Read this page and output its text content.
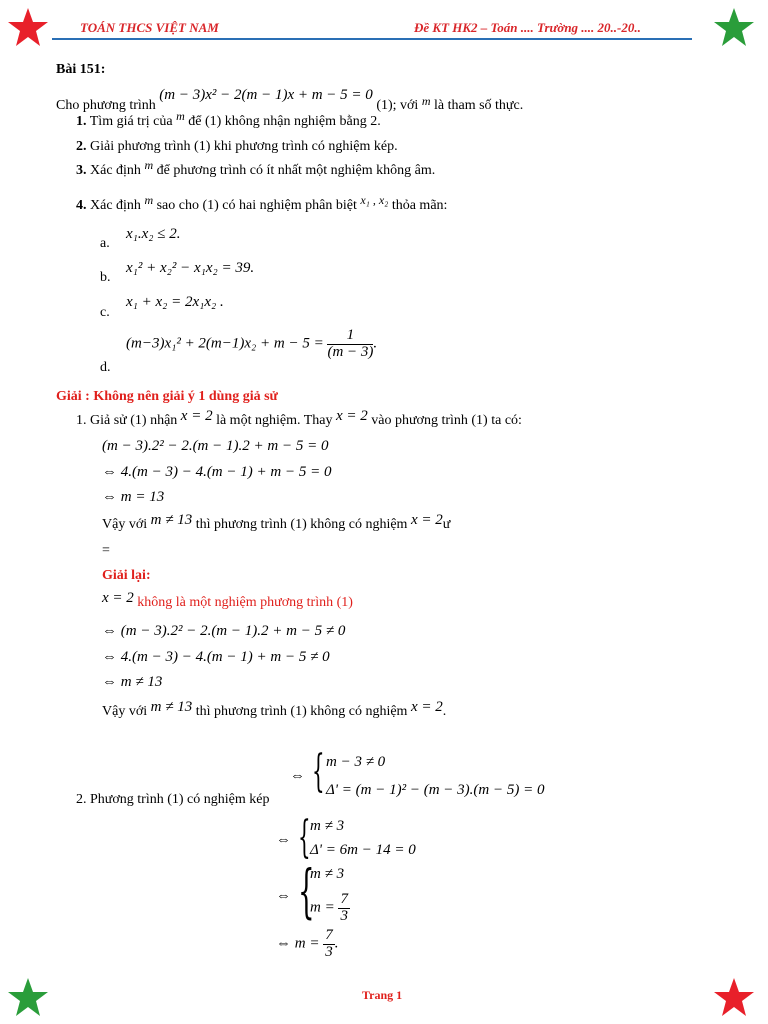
TOÁN THCS VIỆT NAM	Đề KT HK2 – Toán .... Trường .... 20..-20..
Bài 151:
Cho phương trình (m − 3)x² − 2(m − 1)x + m − 5 = 0 (1); với m là tham số thực.
1. Tìm giá trị của m để (1) không nhận nghiệm bằng 2.
2. Giải phương trình (1) khi phương trình có nghiệm kép.
3. Xác định m để phương trình có ít nhất một nghiệm không âm.
4. Xác định m sao cho (1) có hai nghiệm phân biệt x₁ , x₂ thỏa mãn:
a.
x₁.x₂ ≤ 2.
b.
x₁² + x₂² − x₁x₂ = 39.
c.
x₁ + x₂ = 2x₁x₂ .
d.
$(m-3)x_1^2 + 2(m-1)x_2 + m - 5 = \frac{1}{(m - 3)}$ .
Giải : Không nên giải ý 1 dùng giả sử
1. Giả sử (1) nhận x = 2 là một nghiệm. Thay x = 2 vào phương trình (1) ta có:
(m − 3).2² − 2.(m − 1).2 + m − 5 = 0
⇔ 4.(m − 3) − 4.(m − 1) + m − 5 = 0
⇔ m = 13
Vậy với m ≠ 13 thì phương trình (1) không có nghiệm x = 2ư
=
Giải lại:
x = 2 không là một nghiệm phương trình (1)
⇔ (m − 3).2² − 2.(m − 1).2 + m − 5 ≠ 0
⇔ 4.(m − 3) − 4.(m − 1) + m − 5 ≠ 0
⇔ m ≠ 13
Vậy với m ≠ 13 thì phương trình (1) không có nghiệm x = 2.
2. Phương trình (1) có nghiệm kép
⇔ { m − 3 ≠ 0
Δ' = (m − 1)² − (m − 3).(m − 5) = 0
⇔ { m ≠ 3
Δ' = 6m − 14 = 0
⇔ {
m ≠ 3
$m = \frac{7}{3}$
⇔ $m = \frac{7}{3}$ .
Trang 1
